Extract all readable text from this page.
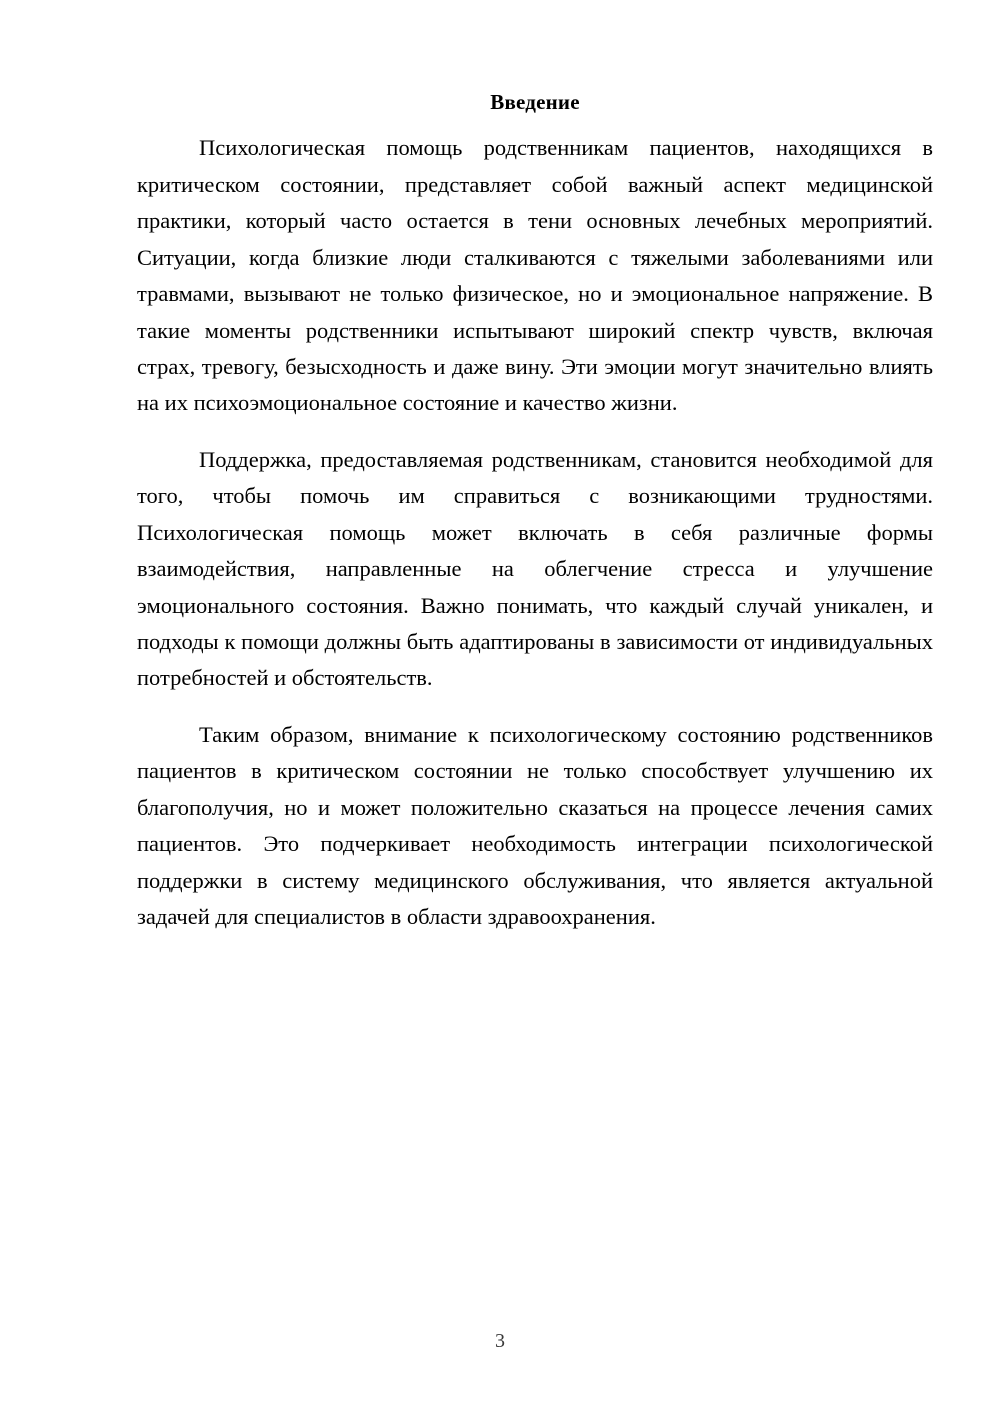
Введение

Психологическая помощь родственникам пациентов, находящихся в критическом состоянии, представляет собой важный аспект медицинской практики, который часто остается в тени основных лечебных мероприятий. Ситуации, когда близкие люди сталкиваются с тяжелыми заболеваниями или травмами, вызывают не только физическое, но и эмоциональное напряжение. В такие моменты родственники испытывают широкий спектр чувств, включая страх, тревогу, безысходность и даже вину. Эти эмоции могут значительно влиять на их психоэмоциональное состояние и качество жизни.

Поддержка, предоставляемая родственникам, становится необходимой для того, чтобы помочь им справиться с возникающими трудностями. Психологическая помощь может включать в себя различные формы взаимодействия, направленные на облегчение стресса и улучшение эмоционального состояния. Важно понимать, что каждый случай уникален, и подходы к помощи должны быть адаптированы в зависимости от индивидуальных потребностей и обстоятельств.

Таким образом, внимание к психологическому состоянию родственников пациентов в критическом состоянии не только способствует улучшению их благополучия, но и может положительно сказаться на процессе лечения самих пациентов. Это подчеркивает необходимость интеграции психологической поддержки в систему медицинского обслуживания, что является актуальной задачей для специалистов в области здравоохранения.

3
